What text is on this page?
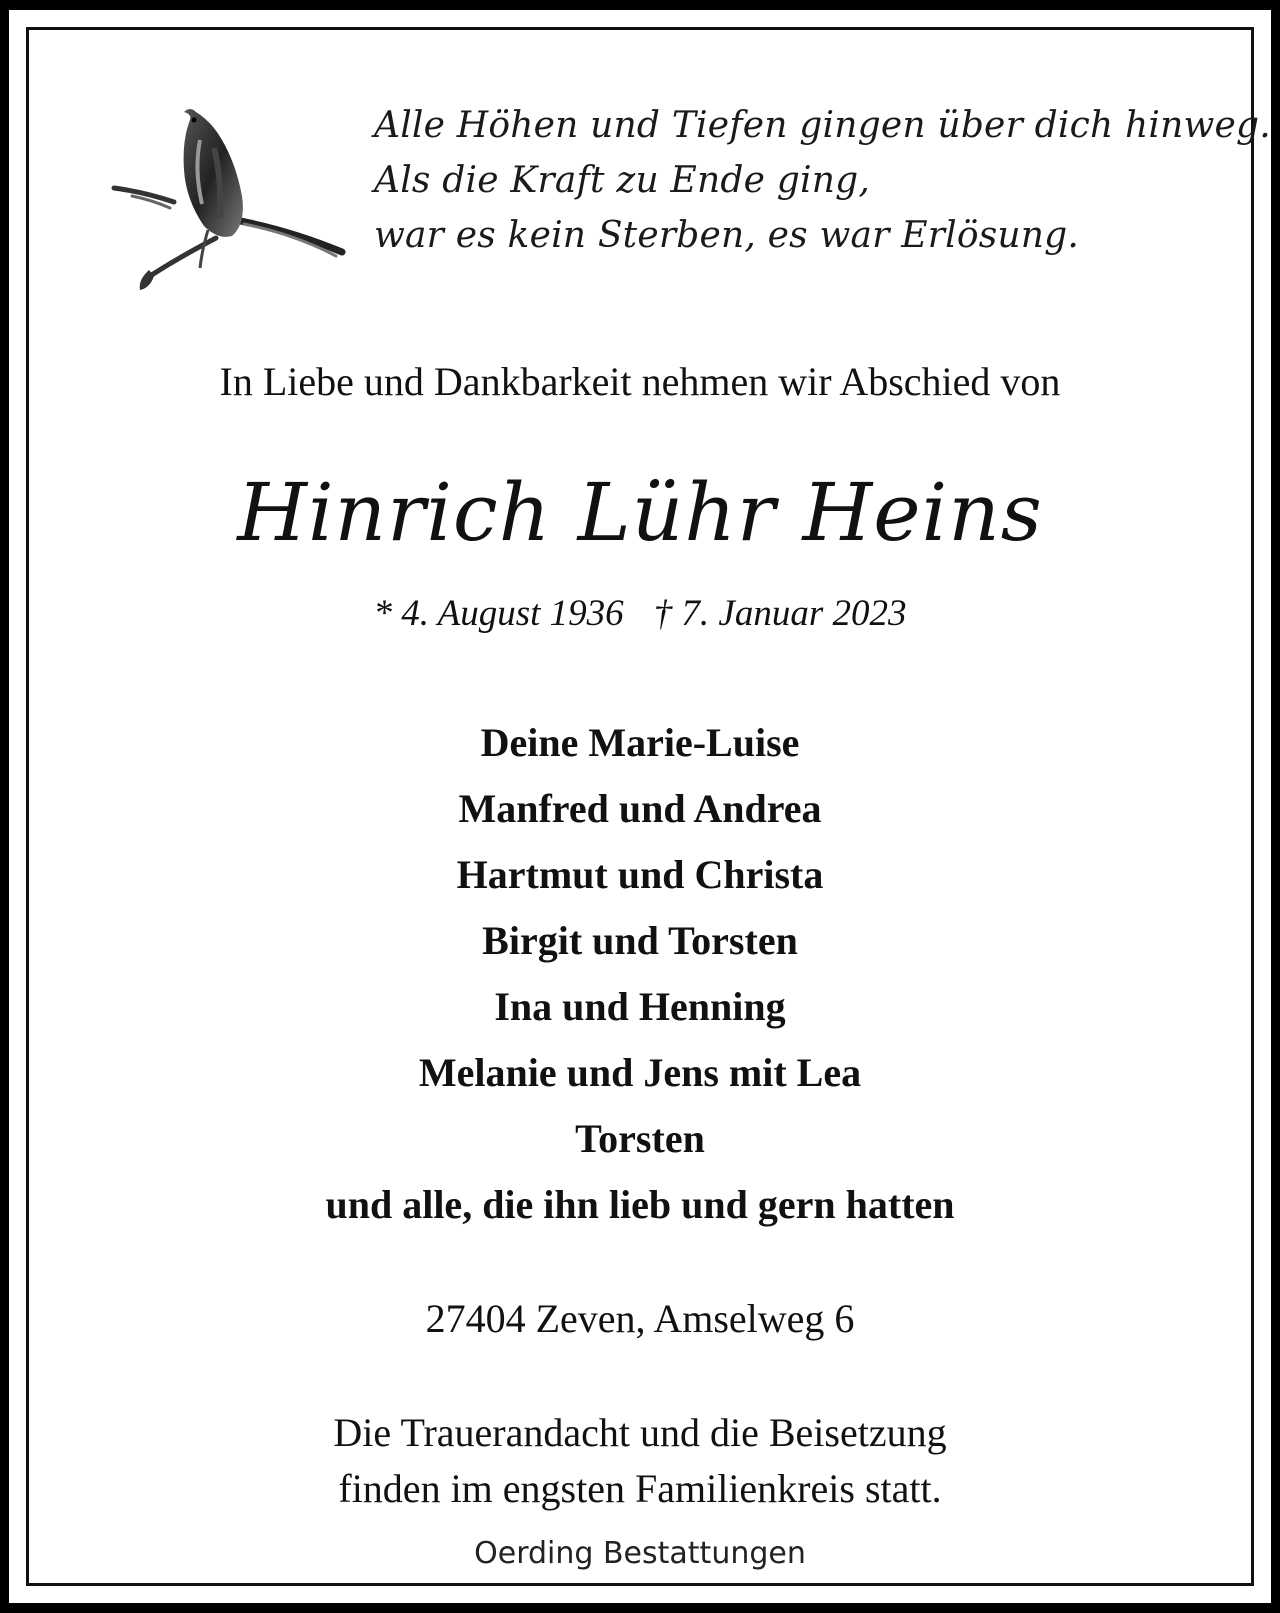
Alle Höhen und Tiefen gingen über dich hinweg.
Als die Kraft zu Ende ging,
war es kein Sterben, es war Erlösung.
In Liebe und Dankbarkeit nehmen wir Abschied von
Hinrich Lühr Heins
* 4. August 1936 † 7. Januar 2023
Deine Marie-Luise
Manfred und Andrea
Hartmut und Christa
Birgit und Torsten
Ina und Henning
Melanie und Jens mit Lea
Torsten
und alle, die ihn lieb und gern hatten
27404 Zeven, Amselweg 6
Die Trauerandacht und die Beisetzung
finden im engsten Familienkreis statt.
Oerding Bestattungen
